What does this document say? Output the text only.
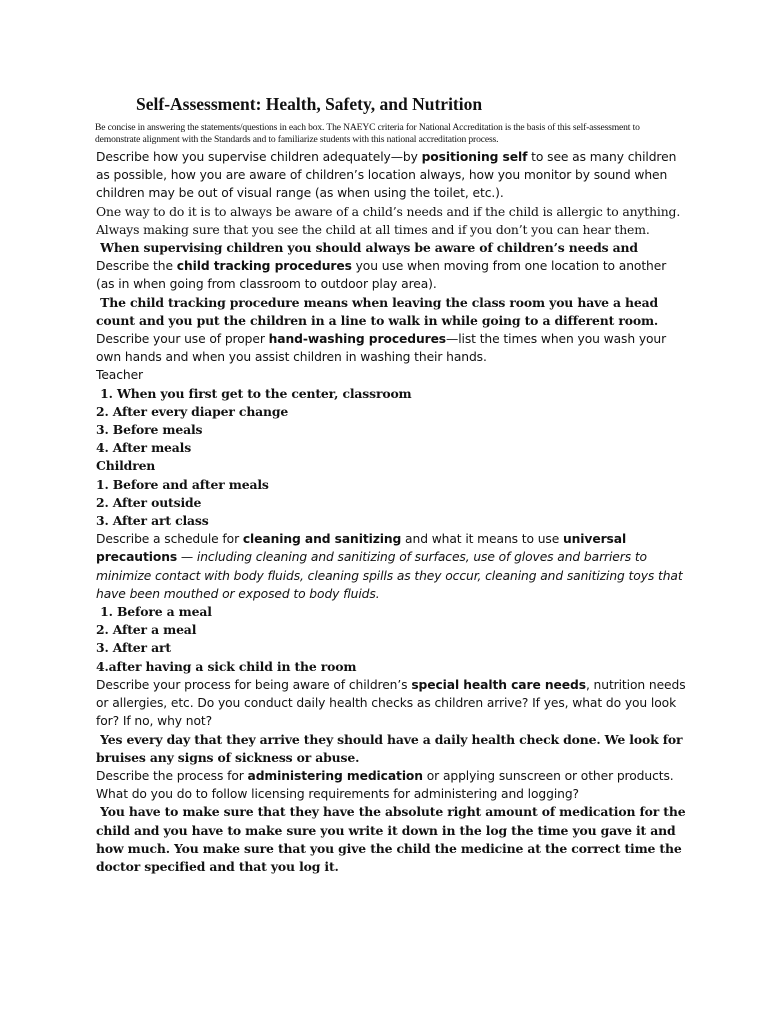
Self-Assessment: Health, Safety, and Nutrition

Be concise in answering the statements/questions in each box. The NAEYC criteria for National Accreditation is the basis of this self-assessment to demonstrate alignment with the Standards and to familiarize students with this national accreditation process.

Describe how you supervise children adequately—by positioning self to see as many children as possible, how you are aware of children’s location always, how you monitor by sound when children may be out of visual range (as when using the toilet, etc.).

One way to do it is to always be aware of a child’s needs and if the child is allergic to anything. Always making sure that you see the child at all times and if you don’t you can hear them.

When supervising children you should always be aware of children’s needs and

Describe the child tracking procedures you use when moving from one location to another (as in when going from classroom to outdoor play area).

The child tracking procedure means when leaving the class room you have a head count and you put the children in a line to walk in while going to a different room.

Describe your use of proper hand-washing procedures—list the times when you wash your own hands and when you assist children in washing their hands.

Teacher

1. When you first get to the center, classroom

2. After every diaper change

3. Before meals

4. After meals

Children

1. Before and after meals

2. After outside

3. After art class

Describe a schedule for cleaning and sanitizing and what it means to use universal precautions — including cleaning and sanitizing of surfaces, use of gloves and barriers to minimize contact with body fluids, cleaning spills as they occur, cleaning and sanitizing toys that have been mouthed or exposed to body fluids.

1. Before a meal

2. After a meal

3. After art

4.after having a sick child in the room

Describe your process for being aware of children’s special health care needs, nutrition needs or allergies, etc. Do you conduct daily health checks as children arrive? If yes, what do you look for? If no, why not?

Yes every day that they arrive they should have a daily health check done. We look for bruises any signs of sickness or abuse.

Describe the process for administering medication or applying sunscreen or other products. What do you do to follow licensing requirements for administering and logging?

You have to make sure that they have the absolute right amount of medication for the child and you have to make sure you write it down in the log the time you gave it and how much. You make sure that you give the child the medicine at the correct time the doctor specified and that you log it.
